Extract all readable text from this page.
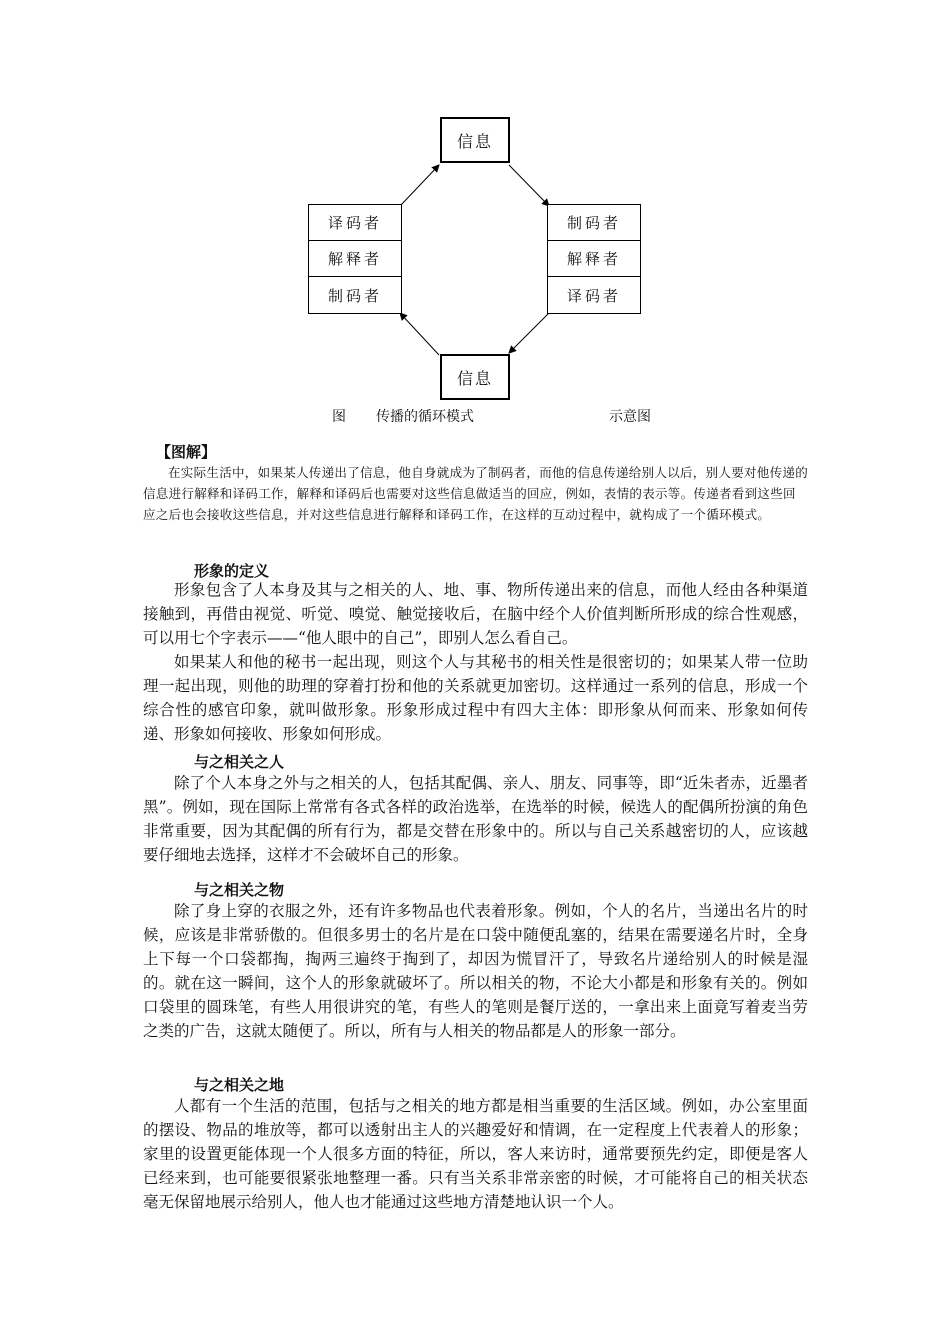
信息
译码者
解释者
制码者
制码者
解释者
译码者
信息
图 传播的循环模式	示意图
【图解】
在实际生活中，如果某人传递出了信息，他自身就成为了制码者，而他的信息传递给别人以后，别人要对他传递的信息进行解释和译码工作，解释和译码后也需要对这些信息做适当的回应，例如，表情的表示等。传递者看到这些回应之后也会接收这些信息，并对这些信息进行解释和译码工作，在这样的互动过程中，就构成了一个循环模式。
形象的定义

形象包含了人本身及其与之相关的人、地、事、物所传递出来的信息，而他人经由各种渠道接触到，再借由视觉、听觉、嗅觉、触觉接收后，在脑中经个人价值判断所形成的综合性观感，可以用七个字表示——“他人眼中的自己”，即别人怎么看自己。

如果某人和他的秘书一起出现，则这个人与其秘书的相关性是很密切的；如果某人带一位助理一起出现，则他的助理的穿着打扮和他的关系就更加密切。这样通过一系列的信息，形成一个综合性的感官印象，就叫做形象。形象形成过程中有四大主体：即形象从何而来、形象如何传递、形象如何接收、形象如何形成。

与之相关之人

除了个人本身之外与之相关的人，包括其配偶、亲人、朋友、同事等，即“近朱者赤，近墨者黑”。例如，现在国际上常常有各式各样的政治选举，在选举的时候，候选人的配偶所扮演的角色非常重要，因为其配偶的所有行为，都是交替在形象中的。所以与自己关系越密切的人，应该越要仔细地去选择，这样才不会破坏自己的形象。

与之相关之物

除了身上穿的衣服之外，还有许多物品也代表着形象。例如，个人的名片，当递出名片的时候，应该是非常骄傲的。但很多男士的名片是在口袋中随便乱塞的，结果在需要递名片时，全身上下每一个口袋都掏，掏两三遍终于掏到了，却因为慌冒汗了，导致名片递给别人的时候是湿的。就在这一瞬间，这个人的形象就破坏了。所以相关的物，不论大小都是和形象有关的。例如口袋里的圆珠笔，有些人用很讲究的笔，有些人的笔则是餐厅送的，一拿出来上面竟写着麦当劳之类的广告，这就太随便了。所以，所有与人相关的物品都是人的形象一部分。

与之相关之地

人都有一个生活的范围，包括与之相关的地方都是相当重要的生活区域。例如，办公室里面的摆设、物品的堆放等，都可以透射出主人的兴趣爱好和情调，在一定程度上代表着人的形象；家里的设置更能体现一个人很多方面的特征，所以，客人来访时，通常要预先约定，即便是客人已经来到，也可能要很紧张地整理一番。只有当关系非常亲密的时候，才可能将自己的相关状态毫无保留地展示给别人，他人也才能通过这些地方清楚地认识一个人。
